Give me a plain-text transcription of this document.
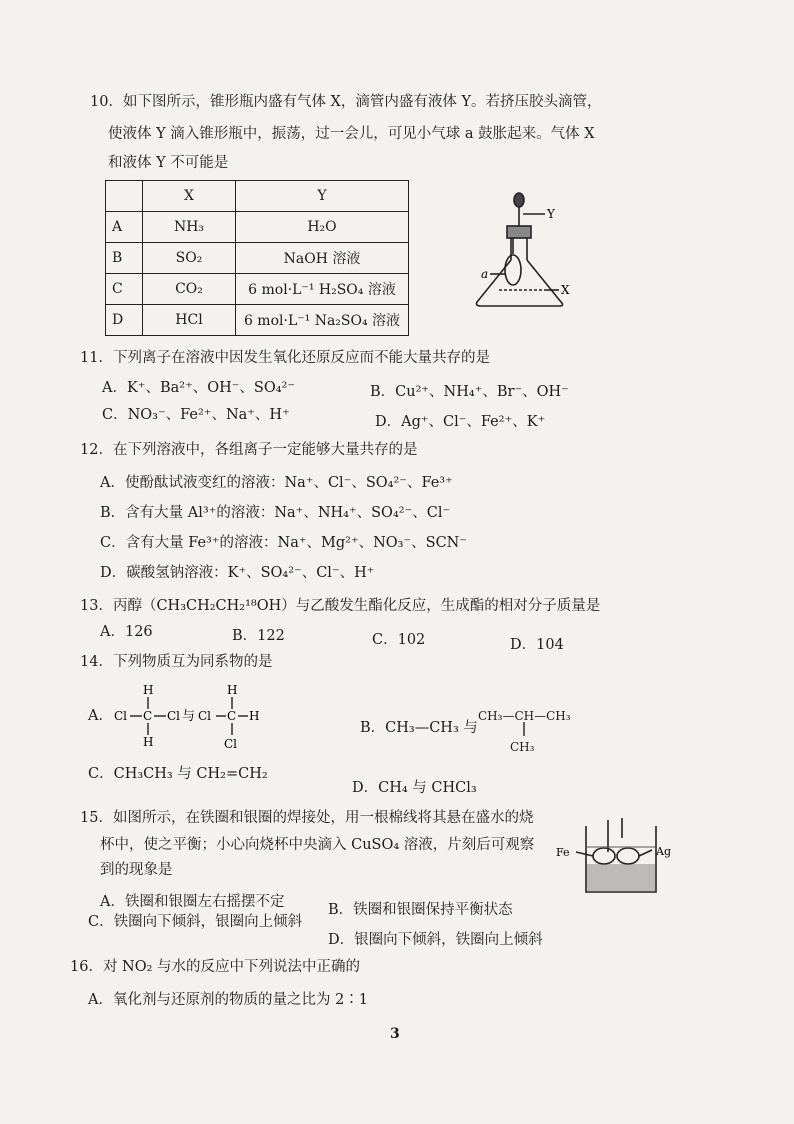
10．如下图所示，锥形瓶内盛有气体 X，滴管内盛有液体 Y。若挤压胶头滴管，
使液体 Y 滴入锥形瓶中，振荡，过一会儿，可见小气球 a 鼓胀起来。气体 X
和液体 Y 不可能是
	X	Y
A	NH₃	H₂O
B	SO₂	NaOH 溶液
C	CO₂	6 mol·L⁻¹ H₂SO₄ 溶液
D	HCl	6 mol·L⁻¹ Na₂SO₄ 溶液
Y
a
X
11．下列离子在溶液中因发生氧化还原反应而不能大量共存的是
A．K⁺、Ba²⁺、OH⁻、SO₄²⁻	B．Cu²⁺、NH₄⁺、Br⁻、OH⁻
C．NO₃⁻、Fe²⁺、Na⁺、H⁺	D．Ag⁺、Cl⁻、Fe²⁺、K⁺
12．在下列溶液中，各组离子一定能够大量共存的是
A．使酚酞试液变红的溶液：Na⁺、Cl⁻、SO₄²⁻、Fe³⁺
B．含有大量 Al³⁺的溶液：Na⁺、NH₄⁺、SO₄²⁻、Cl⁻
C．含有大量 Fe³⁺的溶液：Na⁺、Mg²⁺、NO₃⁻、SCN⁻
D．碳酸氢钠溶液：K⁺、SO₄²⁻、Cl⁻、H⁺
13．丙醇（CH₃CH₂CH₂¹⁸OH）与乙酸发生酯化反应，生成酯的相对分子质量是
A．126	B．122	C．102	D．104
14．下列物质互为同系物的是
A． Cl C
H
H
Cl 与 Cl C
H
Cl
H
B．CH₃—CH₃ 与
CH₃—CH—CH₃
CH₃
C．CH₃CH₃ 与 CH₂=CH₂
D．CH₄ 与 CHCl₃
15．如图所示，在铁圈和银圈的焊接处，用一根棉线将其悬在盛水的烧
杯中，使之平衡；小心向烧杯中央滴入 CuSO₄ 溶液，片刻后可观察
到的现象是
Fe	Ag
A．铁圈和银圈左右摇摆不定	B．铁圈和银圈保持平衡状态
C．铁圈向下倾斜，银圈向上倾斜
D．银圈向下倾斜，铁圈向上倾斜
16．对 NO₂ 与水的反应中下列说法中正确的
A．氧化剂与还原剂的物质的量之比为 2∶1
3
